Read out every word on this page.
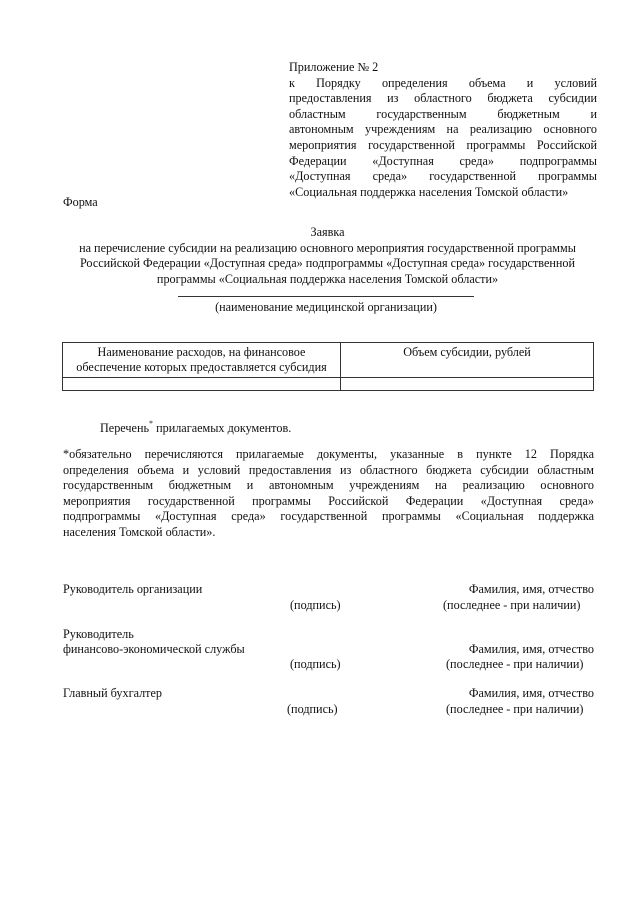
Приложение № 2
к Порядку определения объема и условий
предоставления из областного бюджета субсидии
областным государственным бюджетным и
автономным учреждениям на реализацию основного
мероприятия государственной программы Российской
Федерации «Доступная среда» подпрограммы
«Доступная среда» государственной программы
«Социальная поддержка населения Томской области»
Форма
Заявка
на перечисление субсидии на реализацию основного мероприятия государственной программы
Российской Федерации «Доступная среда» подпрограммы «Доступная среда» государственной
программы «Социальная поддержка населения Томской области»
(наименование медицинской организации)
Наименование расходов, на финансовое обеспечение которых предоставляется субсидия	Объем субсидии, рублей

Перечень* прилагаемых документов.
*обязательно перечисляются прилагаемые документы, указанные в пункте 12 Порядка
определения объема и условий предоставления из областного бюджета субсидии областным
государственным бюджетным и автономным учреждениям на реализацию основного
мероприятия государственной программы Российской Федерации «Доступная среда»
подпрограммы «Доступная среда» государственной программы «Социальная поддержка
населения Томской области».
Руководитель организации	Фамилия, имя, отчество
(подпись)	(последнее - при наличии)
Руководитель
финансово-экономической службы	Фамилия, имя, отчество
(подпись)	(последнее - при наличии)
Главный бухгалтер	Фамилия, имя, отчество
(подпись)	(последнее - при наличии)
